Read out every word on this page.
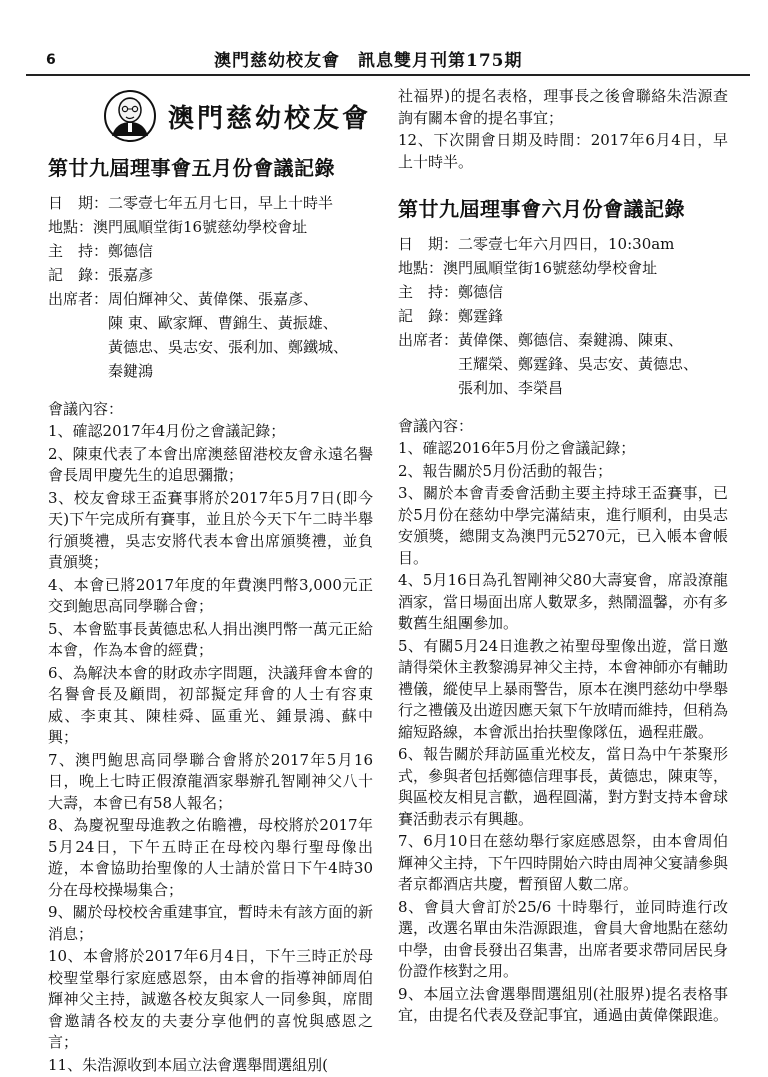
6	澳門慈幼校友會　訊息雙月刊第175期
澳門慈幼校友會
第廿九屆理事會五月份會議記錄
日　期： 二零壹七年五月七日，早上十時半
地點： 澳門風順堂街16號慈幼學校會址
主　持： 鄭德信
記　錄： 張嘉彥
出席者： 周伯輝神父、黃偉傑、張嘉彥、
陳 東、歐家輝、曹錦生、黃振雄、
黃德忠、吳志安、張利加、鄭鐵城、
秦鍵鴻
會議內容：

1、確認2017年4月份之會議記錄；

2、陳東代表了本會出席澳慈留港校友會永遠名譽會長周甲慶先生的追思彌撒；

3、校友會球王盃賽事將於2017年5月7日(即今天)下午完成所有賽事，並且於今天下午二時半舉行頒獎禮，吳志安將代表本會出席頒獎禮，並負責頒獎；

4、本會已將2017年度的年費澳門幣3,000元正交到鮑思高同學聯合會；

5、本會監事長黃德忠私人捐出澳門幣一萬元正給本會，作為本會的經費；

6、為解決本會的財政赤字問題，決議拜會本會的名譽會長及顧問，初部擬定拜會的人士有容東威、李東其、陳桂舜、區重光、鍾景鴻、蘇中興；

7、澳門鮑思高同學聯合會將於2017年5月16日，晚上七時正假潦龍酒家舉辦孔智剛神父八十大壽，本會已有58人報名；

8、為慶祝聖母進教之佑瞻禮，母校將於2017年5月24日，下午五時正在母校內舉行聖母像出遊，本會協助抬聖像的人士請於當日下午4時30分在母校操場集合；

9、關於母校校舍重建事宜，暫時未有該方面的新消息；

10、本會將於2017年6月4日，下午三時正於母校聖堂舉行家庭感恩祭，由本會的指導神師周伯輝神父主持，誠邀各校友與家人一同參與，席間會邀請各校友的夫妻分享他們的喜悅與感恩之言；

11、朱浩源收到本屆立法會選舉間選組別(

社福界)的提名表格，理事長之後會聯絡朱浩源查詢有關本會的提名事宜；

12、下次開會日期及時間：2017年6月4日，早上十時半。

第廿九屆理事會六月份會議記錄
日　期： 二零壹七年六月四日，10:30am
地點： 澳門風順堂街16號慈幼學校會址
主　持： 鄭德信
記　錄： 鄭霆鋒
出席者： 黃偉傑、鄭德信、秦鍵鴻、陳東、
王耀榮、鄭霆鋒、吳志安、黃德忠、
張利加、李榮昌
會議內容：

1、確認2016年5月份之會議記錄；

2、報告關於5月份活動的報告；

3、關於本會青委會活動主要主持球王盃賽事，已於5月份在慈幼中學完滿結束，進行順利，由吳志安頒獎，總開支為澳門元5270元，已入帳本會帳目。

4、5月16日為孔智剛神父80大壽宴會，席設潦龍酒家，當日場面出席人數眾多，熱鬧溫馨，亦有多數舊生組團參加。

5、有關5月24日進教之祐聖母聖像出遊，當日邀請得榮休主教黎鴻昇神父主持，本會神師亦有輔助禮儀，縱使早上暴雨警告，原本在澳門慈幼中學舉行之禮儀及出遊因應天氣下午放晴而維持，但稍為縮短路線，本會派出抬扶聖像隊伍，過程莊嚴。

6、報告關於拜訪區重光校友，當日為中午茶聚形式，參與者包括鄭德信理事長，黃德忠，陳東等，與區校友相見言歡，過程圓滿，對方對支持本會球賽活動表示有興趣。

7、6月10日在慈幼舉行家庭感恩祭，由本會周伯輝神父主持，下午四時開始六時由周神父宴請參與者京都酒店共慶，暫預留人數二席。

8、會員大會訂於25/6 十時舉行，並同時進行改選，改選名單由朱浩源跟進，會員大會地點在慈幼中學，由會長發出召集書，出席者要求帶同居民身份證作核對之用。

9、本屆立法會選舉間選組別(社服界)提名表格事宜，由提名代表及登記事宜，通過由黃偉傑跟進。
